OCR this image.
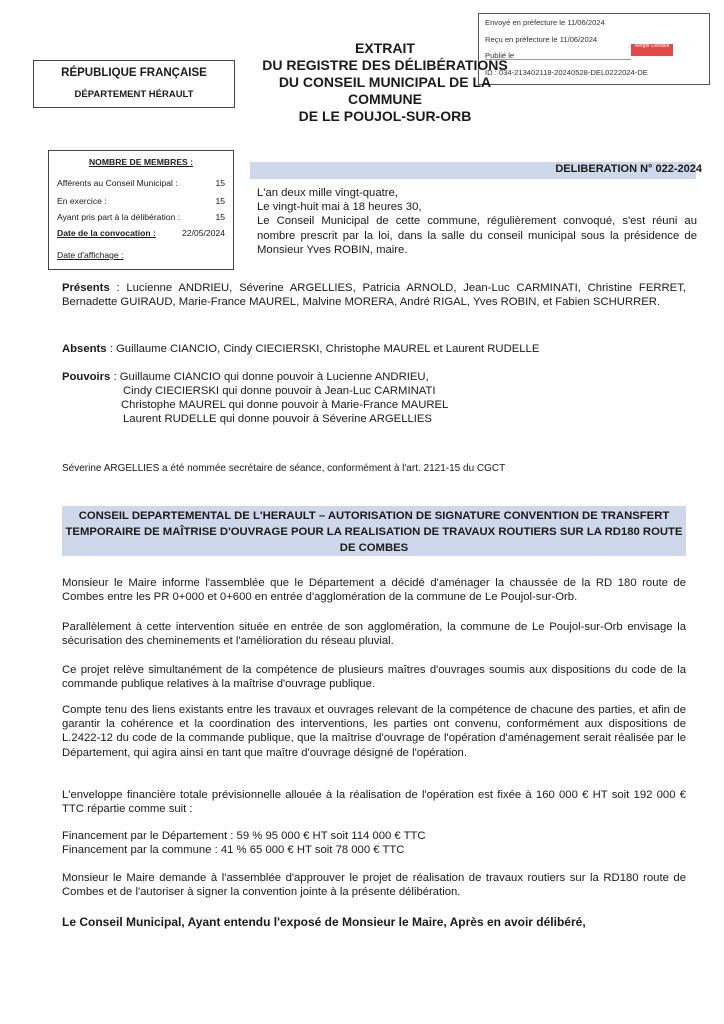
Envoyé en préfecture le 11/06/2024
Reçu en préfecture le 11/06/2024
Publié le
ID : 034-213402118-20240528-DEL0222024-DE
Berger Levrault
EXTRAIT
DU REGISTRE DES DÉLIBÉRATIONS
DU CONSEIL MUNICIPAL DE LA
COMMUNE
DE LE POUJOL-SUR-ORB
RÉPUBLIQUE FRANÇAISE
DÉPARTEMENT HÉRAULT
NOMBRE DE MEMBRES :
Afférents au Conseil Municipal :	15
En exercice :	15
Ayant pris part à la délibération :	15
Date de la convocation :	22/05/2024
Date d'affichage :
DELIBERATION N° 022-2024

L'an deux mille vingt-quatre,

Le vingt-huit mai à 18 heures 30,

Le Conseil Municipal de cette commune, régulièrement convoqué, s'est réuni au nombre prescrit par la loi, dans la salle du conseil municipal sous la présidence de Monsieur Yves ROBIN, maire.

Présents : Lucienne ANDRIEU, Séverine ARGELLIES, Patricia ARNOLD, Jean-Luc CARMINATI, Christine FERRET, Bernadette GUIRAUD, Marie-France MAUREL, Malvine MORERA, André RIGAL, Yves ROBIN, et Fabien SCHURRER.

Absents : Guillaume CIANCIO, Cindy CIECIERSKI, Christophe MAUREL et Laurent RUDELLE

Pouvoirs : Guillaume CIANCIO qui donne pouvoir à Lucienne ANDRIEU,

Cindy CIECIERSKI qui donne pouvoir à Jean-Luc CARMINATI
Christophe MAUREL qui donne pouvoir à Marie-France MAUREL
Laurent RUDELLE qui donne pouvoir à Séverine ARGELLIES
Séverine ARGELLIES a été nommée secrétaire de séance, conformément à l'art. 2121-15 du CGCT
CONSEIL DEPARTEMENTAL DE L'HERAULT – AUTORISATION DE SIGNATURE CONVENTION DE TRANSFERT TEMPORAIRE DE MAÎTRISE D'OUVRAGE POUR LA REALISATION DE TRAVAUX ROUTIERS SUR LA RD180 ROUTE DE COMBES
Monsieur le Maire informe l'assemblée que le Département a décidé d'aménager la chaussée de la RD 180 route de Combes entre les PR 0+000 et 0+600 en entrée d'agglomération de la commune de Le Poujol-sur-Orb.
Parallèlement à cette intervention située en entrée de son agglomération, la commune de Le Poujol-sur-Orb envisage la sécurisation des cheminements et l'amélioration du réseau pluvial.
Ce projet relève simultanément de la compétence de plusieurs maîtres d'ouvrages soumis aux dispositions du code de la commande publique relatives à la maîtrise d'ouvrage publique.
Compte tenu des liens existants entre les travaux et ouvrages relevant de la compétence de chacune des parties, et afin de garantir la cohérence et la coordination des interventions, les parties ont convenu, conformément aux dispositions de L.2422-12 du code de la commande publique, que la maîtrise d'ouvrage de l'opération d'aménagement serait réalisée par le Département, qui agira ainsi en tant que maître d'ouvrage désigné de l'opération.
L'enveloppe financière totale prévisionnelle allouée à la réalisation de l'opération est fixée à 160 000 € HT soit 192 000 € TTC répartie comme suit :
Financement par le Département : 59 % 95 000 € HT soit 114 000 € TTC
Financement par la commune : 41 % 65 000 € HT soit 78 000 € TTC
Monsieur le Maire demande à l'assemblée d'approuver le projet de réalisation de travaux routiers sur la RD180 route de Combes et de l'autoriser à signer la convention jointe à la présente délibération.
Le Conseil Municipal, Ayant entendu l'exposé de Monsieur le Maire, Après en avoir délibéré,
